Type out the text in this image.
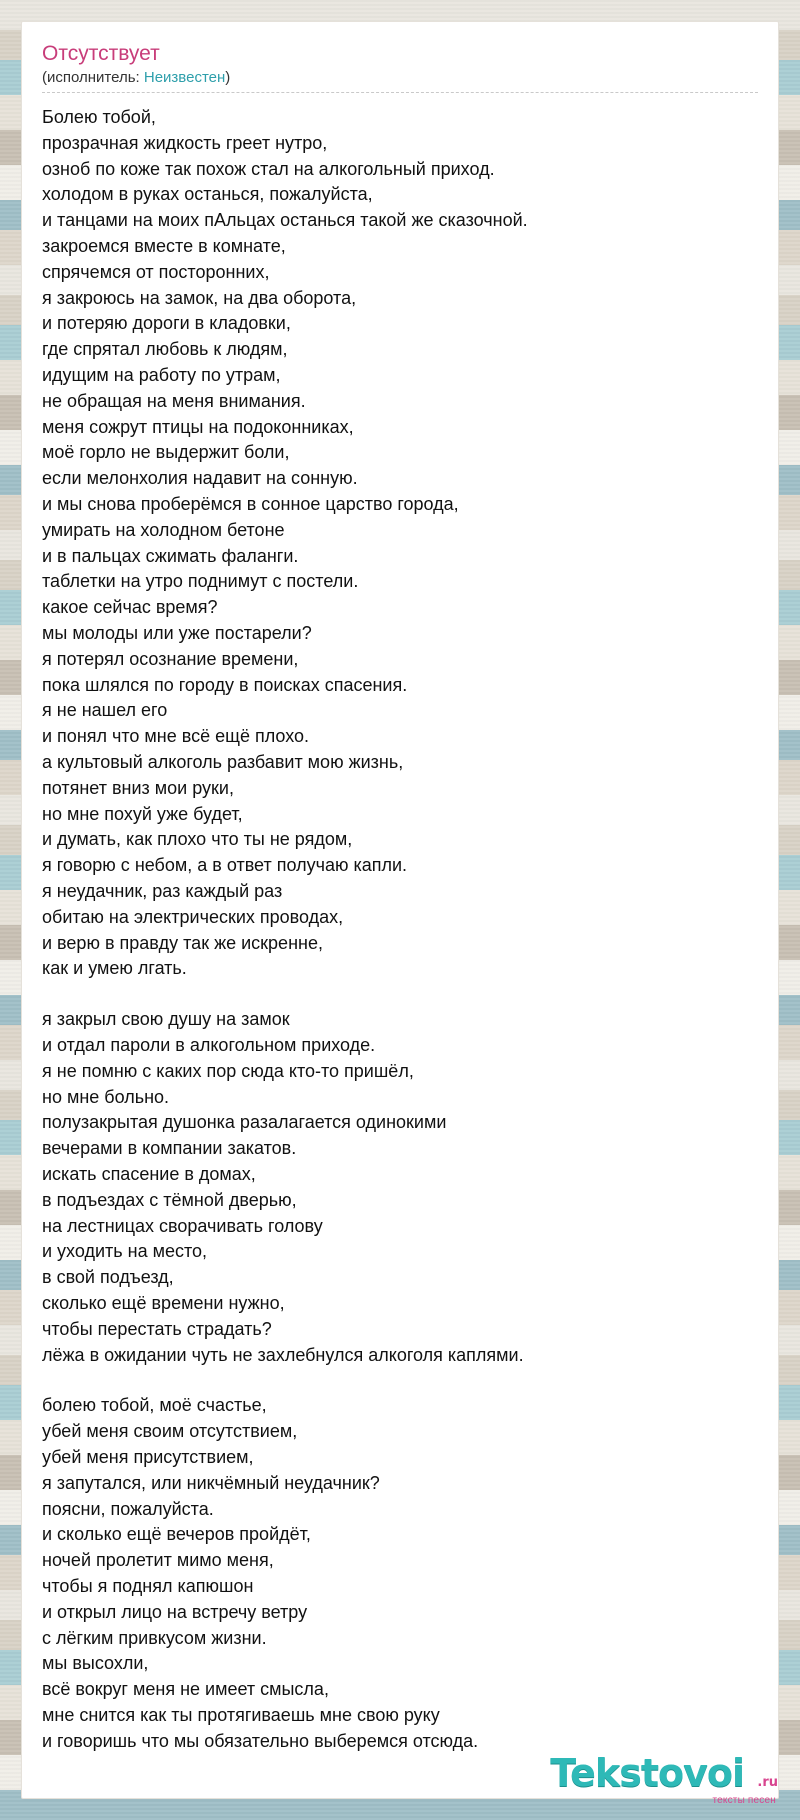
Отсутствует

(исполнитель: Неизвестен)

Болею тобой,
прозрачная жидкость греет нутро,
озноб по коже так похож стал на алкогольный приход.
холодом в руках останься, пожалуйста,
и танцами на моих пАльцах останься такой же сказочной.
закроемся вместе в комнате,
спрячемся от посторонних,
я закроюсь на замок, на два оборота,
и потеряю дороги в кладовки,
где спрятал любовь к людям,
идущим на работу по утрам,
не обращая на меня внимания.
меня сожрут птицы на подоконниках,
моё горло не выдержит боли,
если мелонхолия надавит на сонную.
и мы снова проберёмся в сонное царство города,
умирать на холодном бетоне
и в пальцах сжимать фаланги.
таблетки на утро поднимут с постели.
какое сейчас время?
мы молоды или уже постарели?
я потерял осознание времени,
пока шлялся по городу в поисках спасения.
я не нашел его
и понял что мне всё ещё плохо.
а культовый алкоголь разбавит мою жизнь,
потянет вниз мои руки,
но мне похуй уже будет,
и думать, как плохо что ты не рядом,
я говорю с небом, а в ответ получаю капли.
я неудачник, раз каждый раз
обитаю на электрических проводах,
и верю в правду так же искренне,
как и умею лгать.
я закрыл свою душу на замок
и отдал пароли в алкогольном приходе.
я не помню с каких пор сюда кто-то пришёл,
но мне больно.
полузакрытая душонка разалагается одинокими
вечерами в компании закатов.
искать спасение в домах,
в подъездах с тёмной дверью,
на лестницах сворачивать голову
и уходить на место,
в свой подъезд,
сколько ещё времени нужно,
чтобы перестать страдать?
лёжа в ожидании чуть не захлебнулся алкоголя каплями.
болею тобой, моё счастье,
убей меня своим отсутствием,
убей меня присутствием,
я запутался, или никчёмный неудачник?
поясни, пожалуйста.
и сколько ещё вечеров пройдёт,
ночей пролетит мимо меня,
чтобы я поднял капюшон
и открыл лицо на встречу ветру
с лёгким привкусом жизни.
мы высохли,
всё вокруг меня не имеет смысла,
мне снится как ты протягиваешь мне свою руку
и говоришь что мы обязательно выберемся отсюда.
Tekstovoi .ru
тексты песен
